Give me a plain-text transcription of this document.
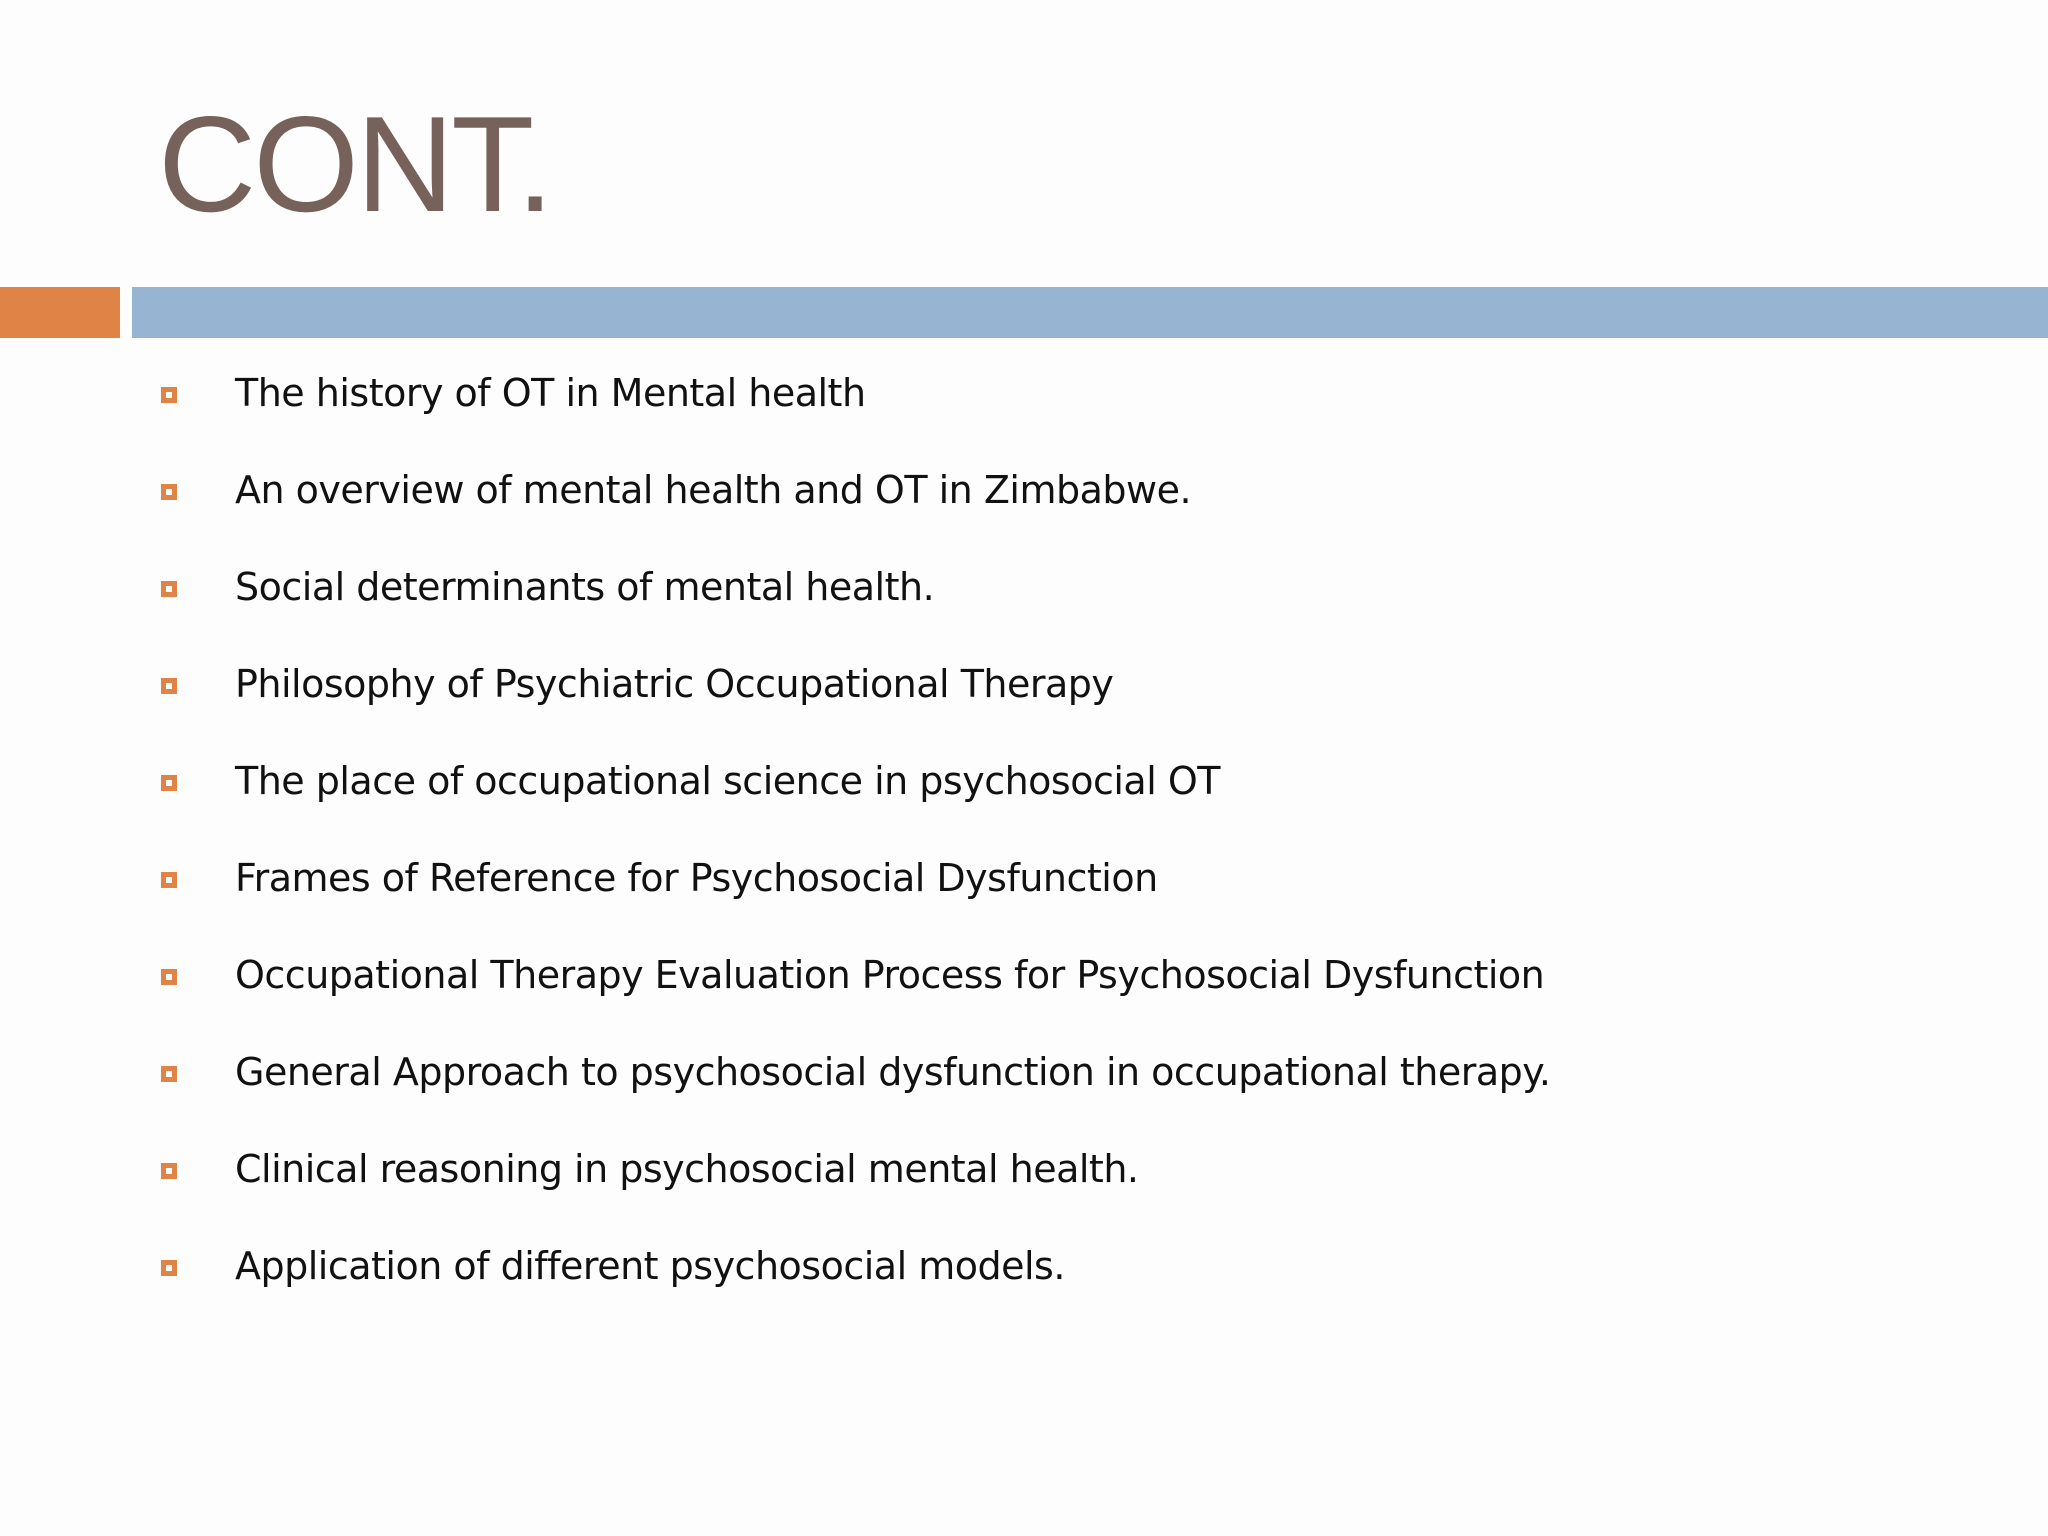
CONT.
The history of OT in Mental health
An overview of mental health and OT in Zimbabwe.
Social determinants of mental health.
Philosophy of Psychiatric Occupational Therapy
The place of occupational science in psychosocial OT
Frames of Reference for Psychosocial Dysfunction
Occupational Therapy Evaluation Process for Psychosocial Dysfunction
General Approach to psychosocial dysfunction in occupational therapy.
Clinical reasoning in psychosocial mental health.
Application of different psychosocial models.
